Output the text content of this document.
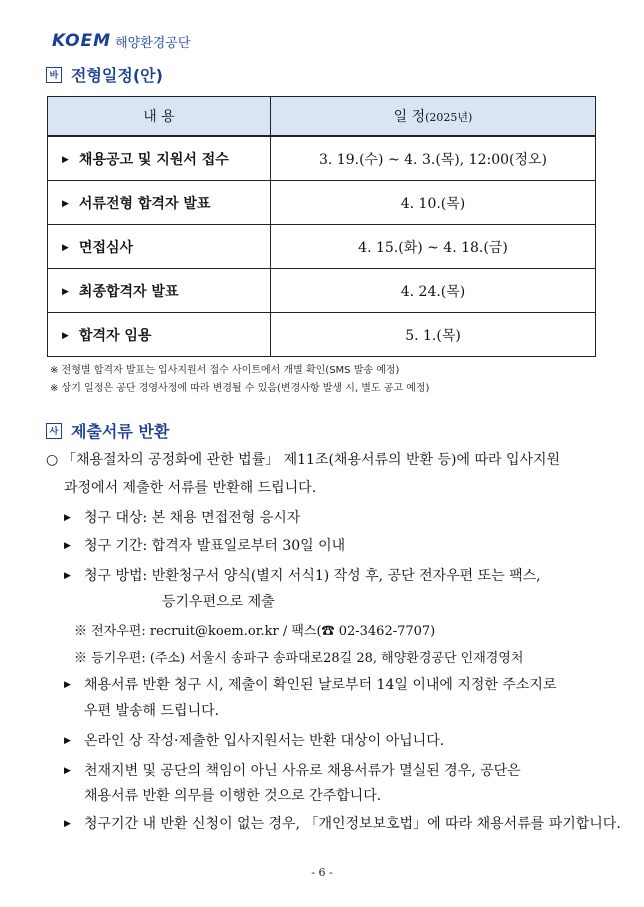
KOEM 해양환경공단
바 전형일정(안)
내 용	일 정(2025년)
▶ 채용공고 및 지원서 접수	3. 19.(수) ~ 4. 3.(목), 12:00(정오)
▶ 서류전형 합격자 발표	4. 10.(목)
▶ 면접심사	4. 15.(화) ~ 4. 18.(금)
▶ 최종합격자 발표	4. 24.(목)
▶ 합격자 임용	5. 1.(목)
※ 전형별 합격자 발표는 입사지원서 접수 사이트에서 개별 확인(SMS 발송 예정)
※ 상기 일정은 공단 경영사정에 따라 변경될 수 있음(변경사항 발생 시, 별도 공고 예정)
사 제출서류 반환
○ 「채용절차의 공정화에 관한 법률」 제11조(채용서류의 반환 등)에 따라 입사지원
과정에서 제출한 서류를 반환해 드립니다.
▶ 청구 대상: 본 채용 면접전형 응시자
▶ 청구 기간: 합격자 발표일로부터 30일 이내
▶ 청구 방법: 반환청구서 양식(별지 서식1) 작성 후, 공단 전자우편 또는 팩스,
등기우편으로 제출
※ 전자우편: recruit@koem.or.kr / 팩스(☎ 02-3462-7707)
※ 등기우편: (주소) 서울시 송파구 송파대로28길 28, 해양환경공단 인재경영처
▶ 채용서류 반환 청구 시, 제출이 확인된 날로부터 14일 이내에 지정한 주소지로
우편 발송해 드립니다.
▶ 온라인 상 작성·제출한 입사지원서는 반환 대상이 아닙니다.
▶ 천재지변 및 공단의 책임이 아닌 사유로 채용서류가 멸실된 경우, 공단은
채용서류 반환 의무를 이행한 것으로 간주합니다.
▶ 청구기간 내 반환 신청이 없는 경우, 「개인정보보호법」에 따라 채용서류를 파기합니다.
- 6 -
